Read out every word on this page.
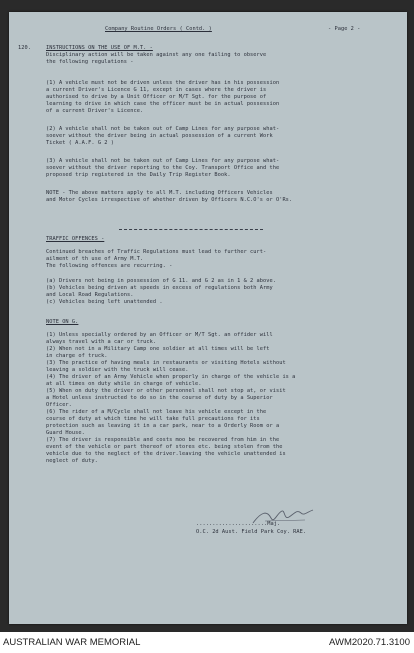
Company Routine Orders ( Contd. )	- Page 2 -
120.	INSTRUCTIONS ON THE USE OF M.T. -
Disciplinary action will be taken against any one failing to observe
the following regulations -
(1) A vehicle must not be driven unless the driver has in his possession
a current Driver's Licence G 11, except in cases where the driver is
authorised to drive by a Unit Officer or M/T Sgt. for the purpose of
learning to drive in which case the officer must be in actual possession
of a current Driver's Licence.
(2) A vehicle shall not be taken out of Camp Lines for any purpose what-
soever without the driver being in actual possession of a current Work
Ticket ( A.A.F. G 2 )
(3) A vehicle shall not be taken out of Camp Lines for any purpose what-
soever without the driver reporting to the Coy. Transport Office and the
proposed trip registered in the Daily Trip Register Book.
NOTE - The above matters apply to all M.T. including Officers Vehicles
and Motor Cycles irrespective of whether driven by Officers N.C.O's or O'Rs.
TRAFFIC OFFENCES -
Continued breaches of Traffic Regulations must lead to further curt-
ailment of th use of Army M.T.
The following offences are recurring. -
(a) Drivers not being in possession of G 11. and G 2 as in 1 & 2 above.
(b) Vehicles being driven at speeds in excess of regulations both Army
and Local Road Regulations.
(c) Vehicles being left unattended .
NOTE ON G.
(1) Unless specially ordered by an Officer or M/T Sgt. an offider will
always travel with a car or truck.
(2) When not in a Military Camp one soldier at all times will be left
in charge of truck.
(3) The practice of having meals in restaurants or visiting Hotels without
leaving a soldier with the truck will cease.
(4) The driver of an Army Vehicle when properly in charge of the vehicle is a
at all times on duty while in charge of vehicle.
(5) When on duty the driver or other personnel shall not stop at, or visit
a Hotel unless instructed to do so in the course of duty by a Superior
Officer.
(6) The rider of a M/Cycle shall not leave his vehicle except in the
course of duty at which time he will take full precautions for its
protection such as leaving it in a car park, near to a Orderly Room or a
Guard House.
(7) The driver is responsible and costs moo be recovered from him in the
event of the vehicle or part thereof of stores etc. being stolen from the
vehicle due to the neglect of the driver.leaving the vehicle unattended is
neglect of duty.
......................Maj.
O.C. 2d Aust. Field Park Coy. RAE.
AUSTRALIAN WAR MEMORIAL	AWM2020.71.3100
